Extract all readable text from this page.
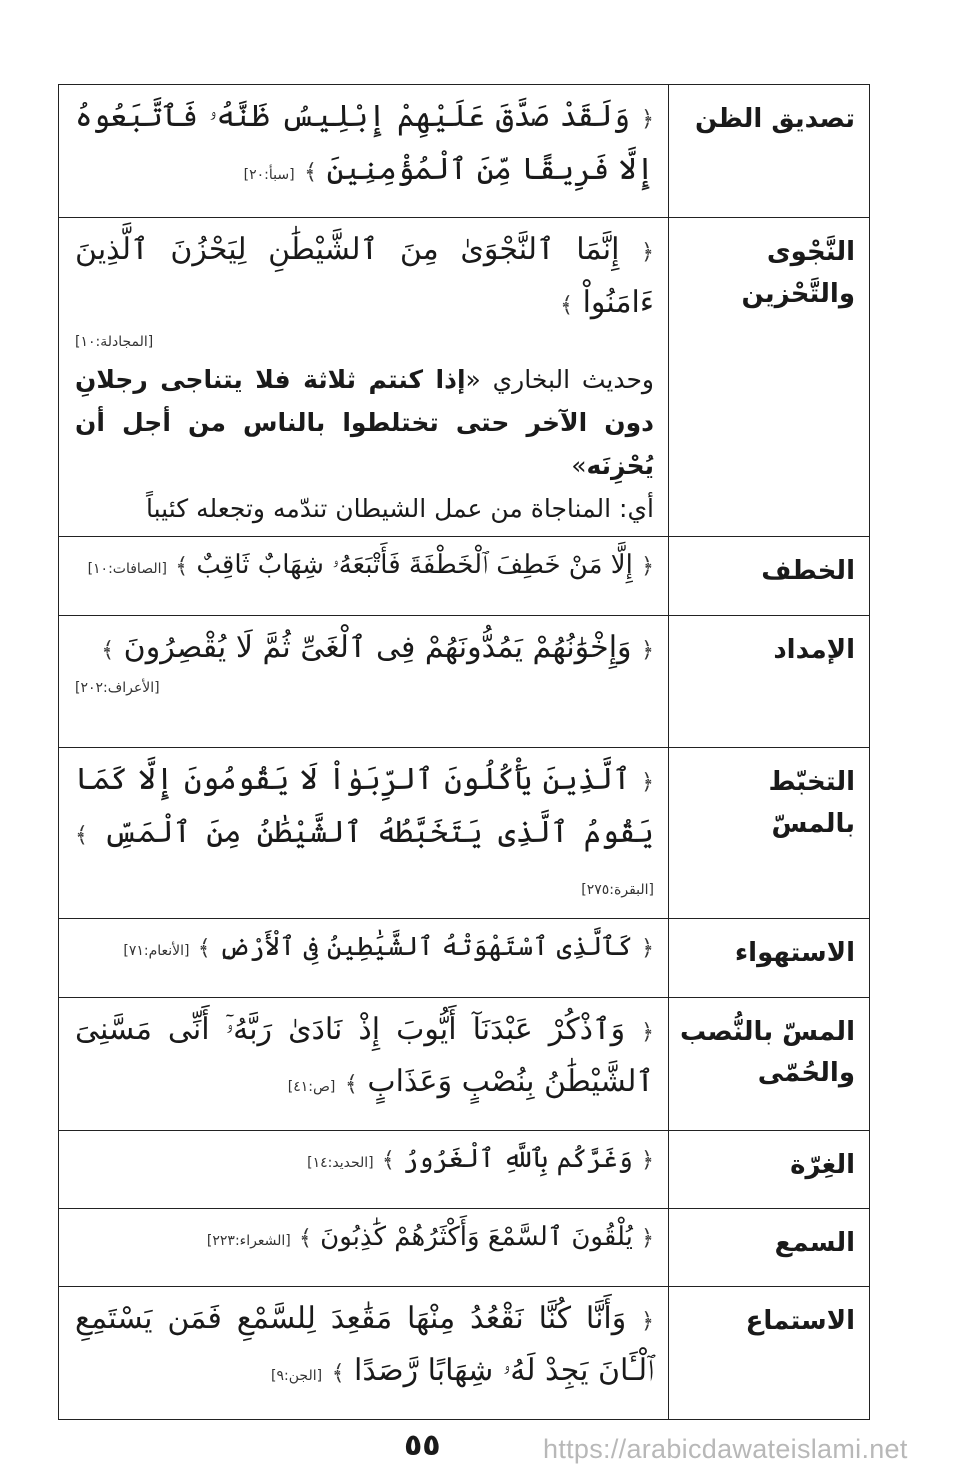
تصديق الظن	﴿ وَلَقَدْ صَدَّقَ عَلَيْهِمْ إِبْلِيسُ ظَنَّهُۥ فَٱتَّبَعُوهُ إِلَّا فَرِيقًا مِّنَ ٱلْمُؤْمِنِينَ ﴾ [سبأ:٢٠]

النَّجْوى والتَّحْزين	﴿ إِنَّمَا ٱلنَّجْوَىٰ مِنَ ٱلشَّيْطَٰنِ لِيَحْزُنَ ٱلَّذِينَ ءَامَنُواْ ﴾
[المجادلة:١٠]
وحديث البخاري «إذا كنتم ثلاثة فلا يتناجى رجلانِ دون الآخر حتى تختلطوا بالناس من أجل أن يُحْزِنَه»
أي: المناجاة من عمل الشيطان تندّمه وتجعله كئيباً

الخطف	﴿ إِلَّا مَنْ خَطِفَ ٱلْخَطْفَةَ فَأَتْبَعَهُۥ شِهَابٌ ثَاقِبٌ ﴾ [الصافات:١٠]

الإمداد	﴿ وَإِخْوَٰنُهُمْ يَمُدُّونَهُمْ فِى ٱلْغَىِّ ثُمَّ لَا يُقْصِرُونَ ﴾
[الأعراف:٢٠٢]

التخبّط بالمسّ	﴿ ٱلَّذِينَ يَأْكُلُونَ ٱلرِّبَوٰاْ لَا يَقُومُونَ إِلَّا كَمَا يَقُومُ ٱلَّذِى يَتَخَبَّطُهُ ٱلشَّيْطَٰنُ مِنَ ٱلْمَسِّ ﴾ [البقرة:٢٧٥]

الاستهواء	﴿ كَٱلَّذِى ٱسْتَهْوَتْهُ ٱلشَّيَٰطِينُ فِى ٱلْأَرْضِ ﴾ [الأنعام:٧١]

المسّ بالنُّصب والحُمّى	﴿ وَٱذْكُرْ عَبْدَنَآ أَيُّوبَ إِذْ نَادَىٰ رَبَّهُۥٓ أَنِّى مَسَّنِىَ ٱلشَّيْطَٰنُ بِنُصْبٍ وَعَذَابٍ ﴾ [ص:٤١]

الغِرّة	﴿ وَغَرَّكُم بِٱللَّهِ ٱلْغَرُورُ ﴾ [الحديد:١٤]

السمع	﴿ يُلْقُونَ ٱلسَّمْعَ وَأَكْثَرُهُمْ كَٰذِبُونَ ﴾ [الشعراء:٢٢٣]

الاستماع	﴿ وَأَنَّا كُنَّا نَقْعُدُ مِنْهَا مَقَٰعِدَ لِلسَّمْعِ فَمَن يَسْتَمِعِ ٱلْـَٔانَ يَجِدْ لَهُۥ شِهَابًا رَّصَدًا ﴾ [الجن:٩]
٥٥	https://arabicdawateislami.net
